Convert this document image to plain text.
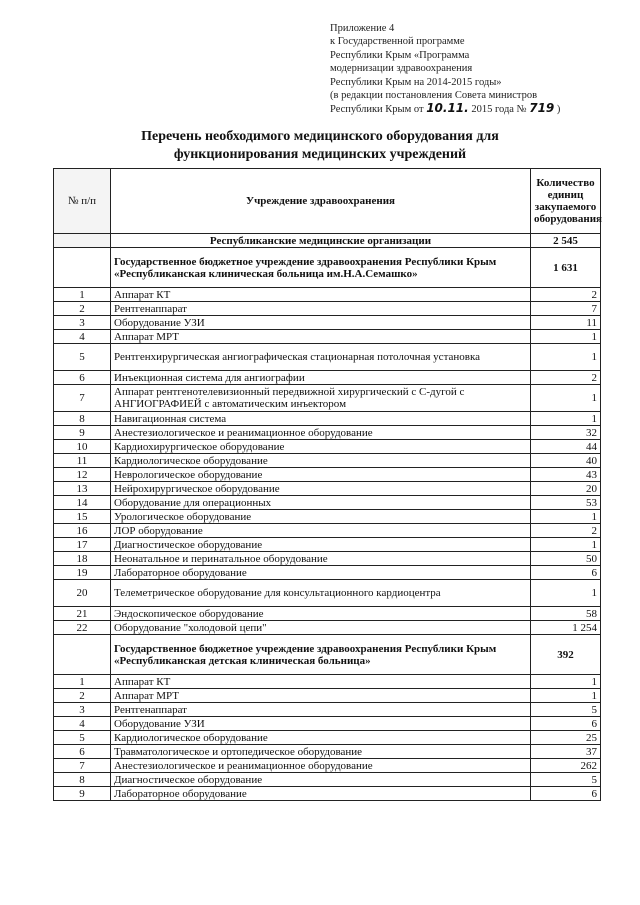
Приложение 4
к Государственной программе
Республики Крым «Программа
модернизации здравоохранения
Республики Крым на 2014-2015 годы»
(в редакции постановления Совета министров
Республики Крым от 10.11. 2015 года № 719 )
Перечень необходимого медицинского оборудования для
функционирования медицинских учреждений
№ п/п	Учреждение здравоохранения	Количество единиц закупаемого оборудования
	Республиканские медицинские организации	2 545
	Государственное бюджетное учреждение здравоохранения Республики Крым «Республиканская клиническая больница им.Н.А.Семашко»	1 631
1	Аппарат КТ	2
2	Рентгенаппарат	7
3	Оборудование УЗИ	11
4	Аппарат МРТ	1
5	Рентгенхирургическая ангиографическая стационарная потолочная установка	1
6	Инъекционная система для ангиографии	2
7	Аппарат рентгенотелевизионный передвижной хирургический с С-дугой с АНГИОГРАФИЕЙ с автоматическим инъектором	1
8	Навигационная система	1
9	Анестезиологическое и реанимационное оборудование	32
10	Кардиохирургическое оборудование	44
11	Кардиологическое оборудование	40
12	Неврологическое оборудование	43
13	Нейрохирургическое оборудование	20
14	Оборудование для операционных	53
15	Урологическое оборудование	1
16	ЛОР оборудование	2
17	Диагностическое оборудование	1
18	Неонатальное и перинатальное оборудование	50
19	Лабораторное оборудование	6
20	Телеметрическое оборудование для консультационного кардиоцентра	1
21	Эндоскопическое оборудование	58
22	Оборудование "холодовой цепи"	1 254
	Государственное бюджетное учреждение здравоохранения Республики Крым «Республиканская детская клиническая больница»	392
1	Аппарат КТ	1
2	Аппарат МРТ	1
3	Рентгенаппарат	5
4	Оборудование УЗИ	6
5	Кардиологическое оборудование	25
6	Травматологическое и ортопедическое оборудование	37
7	Анестезиологическое и реанимационное оборудование	262
8	Диагностическое оборудование	5
9	Лабораторное оборудование	6
